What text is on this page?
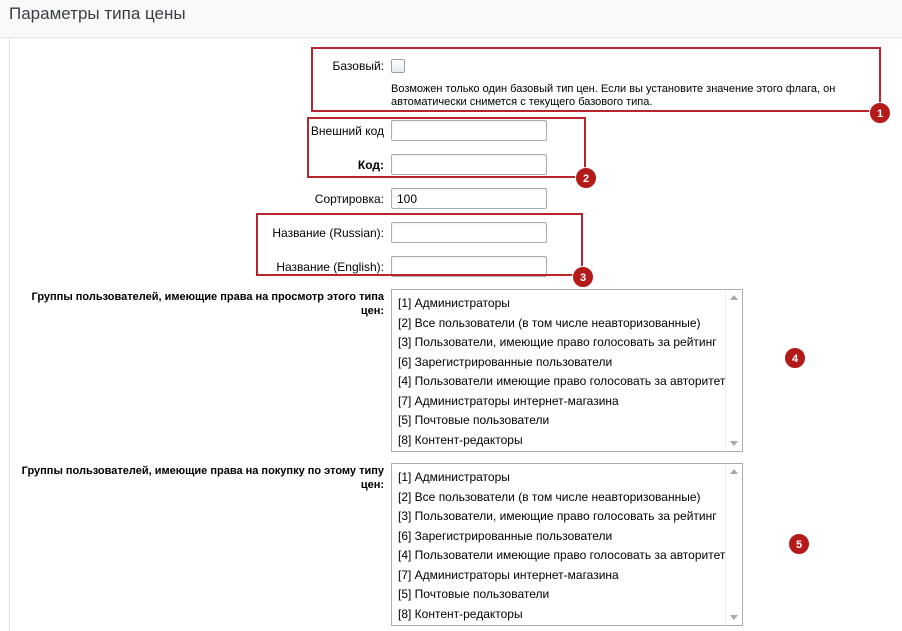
Параметры типа цены
Базовый:
Возможен только один базовый тип цен. Если вы установите значение этого флага, он автоматически снимется с текущего базового типа.
Внешний код
Код:
Сортировка:
100
Название (Russian):
Название (English):
Группы пользователей, имеющие права на просмотр этого типа цен:
[1] Администраторы
[2] Все пользователи (в том числе неавторизованные)
[3] Пользователи, имеющие право голосовать за рейтинг
[6] Зарегистрированные пользователи
[4] Пользователи имеющие право голосовать за авторитет
[7] Администраторы интернет-магазина
[5] Почтовые пользователи
[8] Контент-редакторы
Группы пользователей, имеющие права на покупку по этому типу цен:
[1] Администраторы
[2] Все пользователи (в том числе неавторизованные)
[3] Пользователи, имеющие право голосовать за рейтинг
[6] Зарегистрированные пользователи
[4] Пользователи имеющие право голосовать за авторитет
[7] Администраторы интернет-магазина
[5] Почтовые пользователи
[8] Контент-редакторы
1
2
3
4
5
